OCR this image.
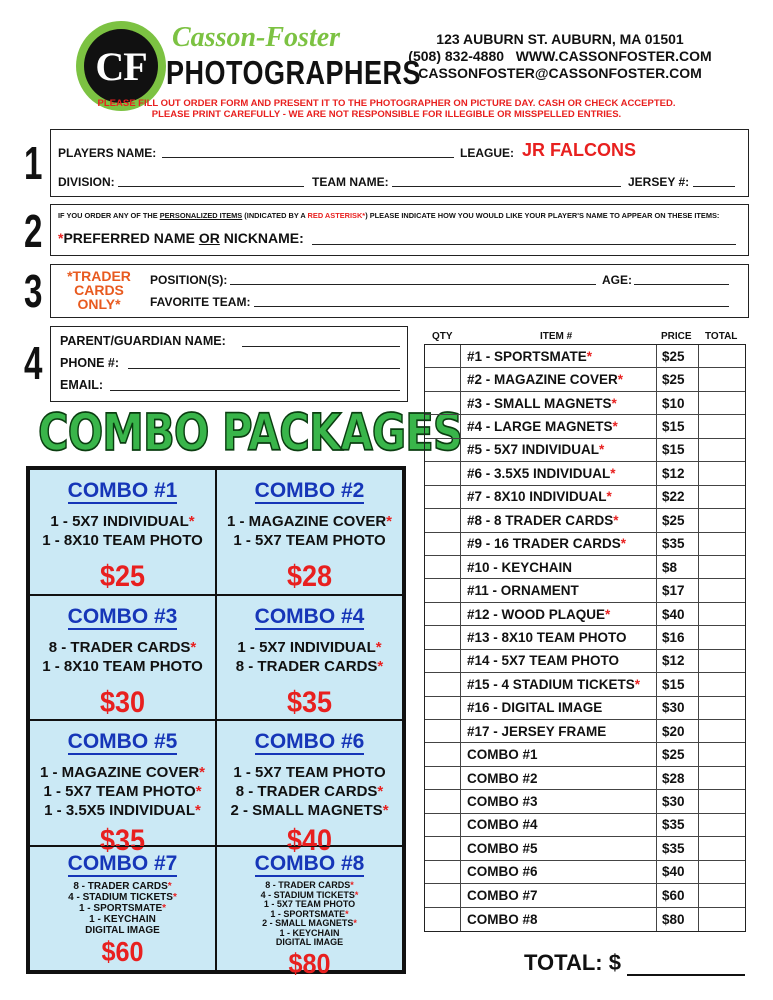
CF
Casson-Foster
PHOTOGRAPHERS
123 AUBURN ST. AUBURN, MA 01501
(508) 832-4880   WWW.CASSONFOSTER.COM
CASSONFOSTER@CASSONFOSTER.COM
PLEASE FILL OUT ORDER FORM AND PRESENT IT TO THE PHOTOGRAPHER ON PICTURE DAY. CASH OR CHECK ACCEPTED.
PLEASE PRINT CAREFULLY - WE ARE NOT RESPONSIBLE FOR ILLEGIBLE OR MISSPELLED ENTRIES.
1 PLAYERS NAME:	LEAGUE: JR FALCONS
DIVISION:	TEAM NAME:	JERSEY #:
2 IF YOU ORDER ANY OF THE PERSONALIZED ITEMS (INDICATED BY A RED ASTERISK*) PLEASE INDICATE HOW YOU WOULD LIKE YOUR PLAYER'S NAME TO APPEAR ON THESE ITEMS:
*PREFERRED NAME OR NICKNAME:
3	*TRADER
CARDS
ONLY*
POSITION(S):	AGE:
FAVORITE TEAM:
4 PARENT/GUARDIAN NAME:
PHONE #:
EMAIL:
COMBO PACKAGES
COMBO #1
1 - 5X7 INDIVIDUAL*
1 - 8X10 TEAM PHOTO
$25
COMBO #2
1 - MAGAZINE COVER*
1 - 5X7 TEAM PHOTO
$28
COMBO #3
8 - TRADER CARDS*
1 - 8X10 TEAM PHOTO
$30
COMBO #4
1 - 5X7 INDIVIDUAL*
8 - TRADER CARDS*
$35
COMBO #5
1 - MAGAZINE COVER*
1 - 5X7 TEAM PHOTO*
1 - 3.5X5 INDIVIDUAL*
$35
COMBO #6
1 - 5X7 TEAM PHOTO
8 - TRADER CARDS*
2 - SMALL MAGNETS*
$40
COMBO #7
8 - TRADER CARDS*
4 - STADIUM TICKETS*
1 - SPORTSMATE*
1 - KEYCHAIN
DIGITAL IMAGE
$60
COMBO #8
8 - TRADER CARDS*
4 - STADIUM TICKETS*
1 - 5X7 TEAM PHOTO
1 - SPORTSMATE*
2 - SMALL MAGNETS*
1 - KEYCHAIN
DIGITAL IMAGE
$80
QTY	ITEM #	PRICE TOTAL
#1 - SPORTSMATE *	$25
#2 - MAGAZINE COVER *	$25
#3 - SMALL MAGNETS *	$10
#4 - LARGE MAGNETS *	$15
#5 - 5X7 INDIVIDUAL *	$15
#6 - 3.5X5 INDIVIDUAL *	$12
#7 - 8X10 INDIVIDUAL *	$22
#8 - 8 TRADER CARDS *	$25
#9 - 16 TRADER CARDS *	$35
#10 - KEYCHAIN	$8
#11 - ORNAMENT	$17
#12 - WOOD PLAQUE *	$40
#13 - 8X10 TEAM PHOTO	$16
#14 - 5X7 TEAM PHOTO	$12
#15 - 4 STADIUM TICKETS *	$15
#16 - DIGITAL IMAGE	$30
#17 - JERSEY FRAME	$20
COMBO #1	$25
COMBO #2	$28
COMBO #3	$30
COMBO #4	$35
COMBO #5	$35
COMBO #6	$40
COMBO #7	$60
COMBO #8	$80
TOTAL: $
